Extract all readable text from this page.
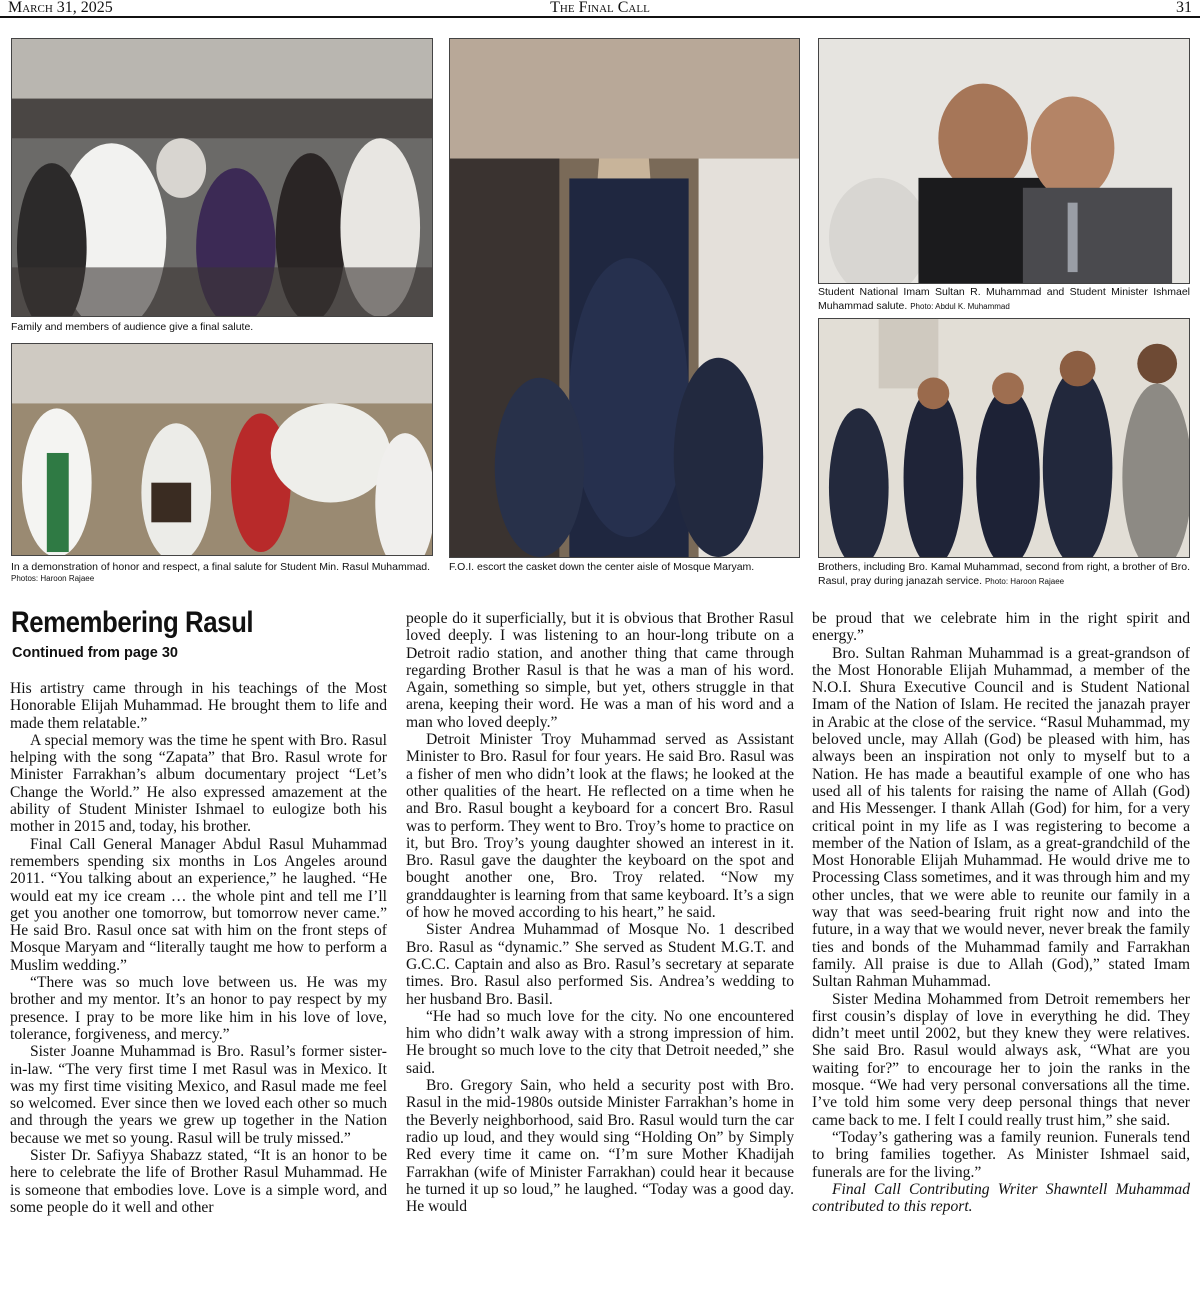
March 31, 2025	The Final Call	31
Family and members of audience give a final salute.
F.O.I. escort the casket down the center aisle of Mosque Maryam.
Student National Imam Sultan R. Muhammad and Student Minister Ishmael Muhammad salute. Photo: Abdul K. Muhammad
In a demonstration of honor and respect, a final salute for Student Min. Rasul Muhammad.
Photos: Haroon Rajaee
Brothers, including Bro. Kamal Muhammad, second from right, a brother of Bro. Rasul, pray during janazah service. Photo: Haroon Rajaee
Remembering Rasul
Continued from page 30

His artistry came through in his teachings of the Most Honorable Elijah Muhammad. He brought them to life and made them relatable.”

A special memory was the time he spent with Bro. Rasul helping with the song “Zapata” that Bro. Rasul wrote for Minister Farrakhan’s album documentary project “Let’s Change the World.” He also expressed amazement at the ability of Student Minister Ishmael to eulogize both his mother in 2015 and, today, his brother.

Final Call General Manager Abdul Rasul Muhammad remembers spending six months in Los Angeles around 2011. “You talking about an experience,” he laughed. “He would eat my ice cream … the whole pint and tell me I’ll get you another one tomorrow, but tomorrow never came.” He said Bro. Rasul once sat with him on the front steps of Mosque Maryam and “literally taught me how to perform a Muslim wedding.”

“There was so much love between us. He was my brother and my mentor. It’s an honor to pay respect by my presence. I pray to be more like him in his love of love, tolerance, forgiveness, and mercy.”

Sister Joanne Muhammad is Bro. Rasul’s former sister-in-law. “The very first time I met Rasul was in Mexico. It was my first time visiting Mexico, and Rasul made me feel so welcomed. Ever since then we loved each other so much and through the years we grew up together in the Nation because we met so young. Rasul will be truly missed.”

Sister Dr. Safiyya Shabazz stated, “It is an honor to be here to celebrate the life of Brother Rasul Muhammad. He is someone that embodies love. Love is a simple word, and some people do it well and other

people do it superficially, but it is obvious that Brother Rasul loved deeply. I was listening to an hour-long tribute on a Detroit radio station, and another thing that came through regarding Brother Rasul is that he was a man of his word. Again, something so simple, but yet, others struggle in that arena, keeping their word. He was a man of his word and a man who loved deeply.”

Detroit Minister Troy Muhammad served as Assistant Minister to Bro. Rasul for four years. He said Bro. Rasul was a fisher of men who didn’t look at the flaws; he looked at the other qualities of the heart. He reflected on a time when he and Bro. Rasul bought a keyboard for a concert Bro. Rasul was to perform. They went to Bro. Troy’s home to practice on it, but Bro. Troy’s young daughter showed an interest in it. Bro. Rasul gave the daughter the keyboard on the spot and bought another one, Bro. Troy related. “Now my granddaughter is learning from that same keyboard. It’s a sign of how he moved according to his heart,” he said.

Sister Andrea Muhammad of Mosque No. 1 described Bro. Rasul as “dynamic.” She served as Student M.G.T. and G.C.C. Captain and also as Bro. Rasul’s secretary at separate times. Bro. Rasul also performed Sis. Andrea’s wedding to her husband Bro. Basil.

“He had so much love for the city. No one encountered him who didn’t walk away with a strong impression of him. He brought so much love to the city that Detroit needed,” she said.

Bro. Gregory Sain, who held a security post with Bro. Rasul in the mid-1980s outside Minister Farrakhan’s home in the Beverly neighborhood, said Bro. Rasul would turn the car radio up loud, and they would sing “Holding On” by Simply Red every time it came on. “I’m sure Mother Khadijah Farrakhan (wife of Minister Farrakhan) could hear it because he turned it up so loud,” he laughed. “Today was a good day. He would

be proud that we celebrate him in the right spirit and energy.”

Bro. Sultan Rahman Muhammad is a great-grandson of the Most Honorable Elijah Muhammad, a member of the N.O.I. Shura Executive Council and is Student National Imam of the Nation of Islam. He recited the janazah prayer in Arabic at the close of the service. “Rasul Muhammad, my beloved uncle, may Allah (God) be pleased with him, has always been an inspiration not only to myself but to a Nation. He has made a beautiful example of one who has used all of his talents for raising the name of Allah (God) and His Messenger. I thank Allah (God) for him, for a very critical point in my life as I was registering to become a member of the Nation of Islam, as a great-grandchild of the Most Honorable Elijah Muhammad. He would drive me to Processing Class sometimes, and it was through him and my other uncles, that we were able to reunite our family in a way that was seed-bearing fruit right now and into the future, in a way that we would never, never break the family ties and bonds of the Muhammad family and Farrakhan family. All praise is due to Allah (God),” stated Imam Sultan Rahman Muhammad.

Sister Medina Mohammed from Detroit remembers her first cousin’s display of love in everything he did. They didn’t meet until 2002, but they knew they were relatives. She said Bro. Rasul would always ask, “What are you waiting for?” to encourage her to join the ranks in the mosque. “We had very personal conversations all the time. I’ve told him some very deep personal things that never came back to me. I felt I could really trust him,” she said.

“Today’s gathering was a family reunion. Funerals tend to bring families together. As Minister Ishmael said, funerals are for the living.”

Final Call Contributing Writer Shawntell Muhammad contributed to this report.
